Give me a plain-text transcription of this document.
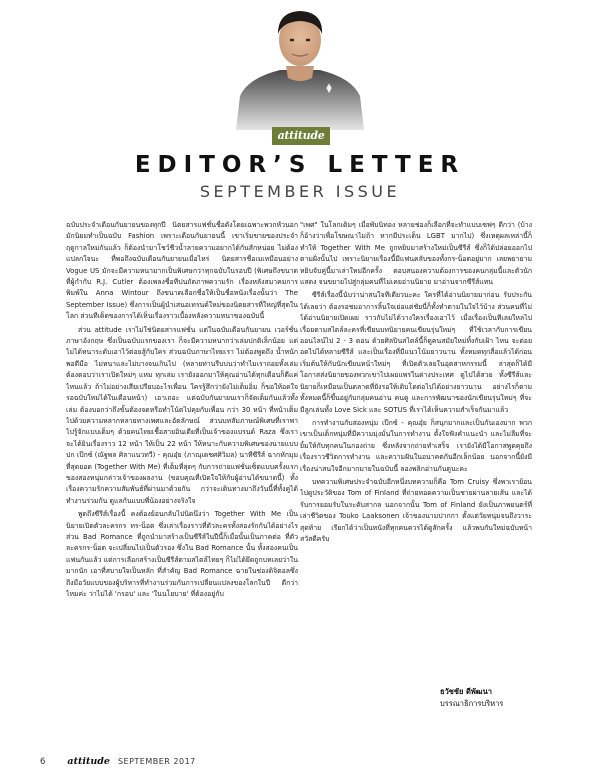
attitude
EDITOR’S LETTER
SEPTEMBER ISSUE

ฉบับประจำเดือนกันยายนของทุกปี นิตยสารแฟชั่นชื่อดังโดยเฉพาะพวกหัวนอก มักนิยมทำเป็นฉบับ Fashion เพราะเดือนกันยายนนี้ เขาเริ่มขายของประจำฤดูกาลใหม่กันแล้ว ก็ต้องนำมาโชว์ชีวน้ำลายความอยากได้กันสักหน่อย ไม่ต้องแปลกใจนะ ที่พอถึงฉบับเดือนกันยายนเมื่อไหร่ นิตยสารชื่อเมเหมือนอย่าง Vogue US มักจะมีความหนามากเป็นพิเศษกว่าทุกฉบับในรอบปี (พิเศษถึงขนาดที่ผู้กำกับ R.J. Cutler ต้องเพลงชื่อทีปนถัตภาพความรัก เรื่องหลังสมาคมการพิมพ์ใน Anna Wintour ถึงขนาดเลือกชื่อให้เป็นชื่อหนังเรื่องนั้นว่า The September Issue) ซึ่งการเป็นผู้นำเสนอเทรนด์ใหม่ของนิตยสารที่ใหญ่ที่สุดในโลก ส่วนทีเด็ดของการได้เห็นเรื่องราวเบื้องหลังความหนาของฉบับนี้

ส่วน attitude เราไม่ใช่นิตยสารแฟชั่น แต่ในฉบับเดือนกันยายน เวอร์ชั่นภาษาอังกฤษ ซึ่งเป็นฉบับแรกของเรา ก็จะมีความหนากว่าเล่มปกติเล็กน้อย แต่ไม่ได้หนาระดับเอาไว้ต่อยสู้กับใคร ส่วนฉบับภาษาไทยเรา ไม่ต้องพูดถึง น้ำหนักพอดีมือ ไม่หนาและไม่บางจนเกินไป (หลายท่านรีบบ่นว่าทำไมเราถอยทั้งเล่ม ต้องตอบว่าเราเปิดใหม่ๆ แหม ทุกเล่ม เรายังออกมาให้คุณอ่านได้ทุกเดือนก็ดีแค่ไหนแล้ว ถ้าไม่อย่างเสียเปรียบอะไรเพื่อน ใครรู้สึกว่ายังไม่เต็มอิ่ม ก็ขอให้อดใจรอฉบับใหม่ได้ในเดือนหน้า) เอาเถอะ แต่ฉบับกันยายนเราก็จัดเต็มกันแล้วทั้งเล่ม ต้องบอกว่าถึงขั้นต้องจดหรือทำโน้ตไปคุยกับเพื่อน กว่า 30 หน้า ที่หน้าเต็มไปด้วยความหลากหลายทางเพศและอัตลักษณ์ ส่วนบทสัมภาษณ์พิเศษที่เราพาไปรู้จักแบบเต็มๆ ด้วยคนไทยเชื้อสายอินเดียที่เป็นเจ้าของแบรนด์ Raza ซึ่งเราจะได้ยินเรื่องราว 12 หน้า ให้เป็น 22 หน้า ให้หนาะกับความพิเศษของนายแบบปก เป๊กซ์ (ณัฐพล ศิลาแนวทวี) - คุณอุ๋ย (ภาณุเดชศศิวิมล) นาทีซีรีส์ ฉากหักมุมที่สุดยอด (Together With Me) ที่เต็มที่สุดๆ กับการถ่ายแฟชั่นเซ็ตแบบครั้งแรกของสองหนุ่มกล่าวเจ้าของผลงาน (ขอบคุณที่เปิดใจให้กับผู้อ่านได้ขนาดนี้) ทั้งเรื่องความรักความสัมพันธ์ที่ผ่านมาด้วยกัน กว่าจะเดินทางมาถึงวันนี้ที่ทั้งคู่ได้ทำงานร่วมกัน ดูแลกันแบบพี่น้องอย่างจริงใจ

พูดถึงซีรีส์เรื่องนี้ คงต้องย้อนกลับไปนิดนึงว่า Together With Me เป็นนิยายเปิดตัวละครกร ทร-น็อต ซึ่งเล่าเรื่องราวที่ตัวละครทั้งสองรักกันได้อย่างไร ส่วน Bad Romance ที่ถูกนำมาสร้างเป็นซีรีส์ในปีนี้ก็เมื่อนั้นเป็นภาคต่อ ที่ตัวละครกร-น็อต จะเปลี่ยนไปเป็นตัวรอง ซึ่งใน Bad Romance นั้น ทั้งสองคนเป็นแฟนกันแล้ว แต่การเลือกสร้างเป็นซีรีส์ตามสไตล์ไทยๆ ก็ไม่ได้ยึดถูกบทเลยว่าในมากนัก เอาที่สบายใจเป็นหลัก ที่สำคัญ Bad Romance ฉายในช่องดิจิตอลซึ่งถึงมือวัยแบบของผู้บริหารที่ทำงานร่วมกันการเปลี่ยนแปลงของโลกในปี ดีกว่าไหมค่ะ ว่าไม่ได้ 'กรอบ' และ 'ในนโยบาย' ที่ต้องอยู่กับ

"เพศ" ในโลกเดิมๆ เมื่อพับนิทอง หลายช่องก็เลือกที่จะทำแบบเซฟๆ ดีกว่า (บ้างก็อ้างว่าเพื่อโฆษณาไม่ถ้า หากมีประเด็น LGBT มากไป) ซึ่งเหตุผลเหล่านี้ก็ทำให้ Together With Me ถูกหยิบมาสร้างใหม่เป็นซีรีส์ ซึ่งก็ได้ปล่อยออกไปตามฝั่งนั้นไป เพราะนิยายเรื่องนี้มีแฟนคลับของทั้งกร-น็อตอยู่มาก เลยพยายามหยิบจับคู่นี้มาเล่าใหม่อีกครั้ง ตอบสนองความต้องการของคนกลุ่มนี้และตัวนักแสดง จนขยายไปสู่กลุ่มคนที่ไม่เคยอ่านนิยาย มาอ่านจากซีรีส์แทน

ซีรีส์เรื่องนี้นับว่าน่าสนใจทีเดียวนะคะ ใครที่ได้อ่านนิยายมาก่อน รับประกันได้เลยว่า ต้องรอชมอาการลิ้นใจเย่อแต่ชัยนี่ก็ทั้งทำตามในใจไว้บ้าง ส่วนคนที่ไม่ได้อ่านนิยายเปิดเผย ราวกับไม่ได้วางใครเรื่องเอาไว้ เมื่อเรื่องเป็นทีเลยใหลไปเรื่อยตามสไตล์ละครที่เขียนบทนิยายคนเขียนรุ่นใหม่ๆ ที่ใช้เวลากับการเขียนออนไลน์ไป 2 - 3 ตอน ด้วยศิลปินสไตล์นี้ก็ดูคนสมัยใหม่ทิ้งกับเฝ้า ไหน จะต่อยอดไปได้หลายซีรีส์ และเป็นเรื่องที่มีแนวโน้มยาวนาน ทั้งหมดทุกสื่อแล้วได้ก่อนเริ่มต้นให้กับนักเขียนหน้าใหม่ๆ ที่เปิดตัวเลยในอุตสาหกรรมนี้ ล่าสุดก็ได้มีโอกาสส่งนิยายของพวกเขาไปเผยแพร่ในต่างประเทศ ดูไปได้สวย ทั้งซีรีส์และนิยายก็เหมือนเป็นตลาดที่ยังรอให้เติบโตต่อไปได้อย่างยาวนาน อย่างไรก็ตาม ทั้งหมดนี้ก็ขึ้นอยู่กับกลุ่มคนอ่าน คนดู และการพัฒนาของนักเขียนรุ่นใหม่ๆ ที่จะมีลูกเล่นทั้ง Love Sick และ SOTUS ที่เราได้เห็นความสำเร็จกันมาแล้ว

การทำงานกับสองหนุ่ม เป๊กซ์ - คุณอุ๋ย ก็สนุกมากและเป็นกันเองมาก พวกเขาเป็นเด็กหนุ่มที่มีความมุ่งมั่นในการทำงาน ตั้งใจฟังคำแนะนำ และไม่ลืมที่จะยิ้มให้กับทุกคนในกองถ่าย ซึ่งหลังจากถ่ายทำเสร็จ เรายังได้มีโอกาสพูดคุยถึงเรื่องราวชีวิตการทำงาน และความฝันในอนาคตกันอีกเล็กน้อย นอกจากนี้ยังมีเรื่องน่าสนใจอีกมากมายในฉบับนี้ ลองพลิกอ่านกันดูนะคะ

บทความพิเศษประจำฉบับอีกหนึ่งบทความก็คือ Tom Cruisy ซึ่งพาเราย้อนไปดูประวัติของ Tom of Finland ที่ถ่ายทอดความเป็นชายผ่านลายเส้น และได้รับการยอมรับในระดับสากล นอกจากนั้น Tom of Finland ยังเป็นภาพยนตร์ที่เล่าชีวิตของ Touko Laaksonen เจ้าของนามปากกา ตั้งแต่วัยหนุ่มจนถึงวาระสุดท้าย เรียกได้ว่าเป็นหนังที่ทุกคนควรได้ดูสักครั้ง แล้วพบกันใหม่ฉบับหน้า สวัสดีครับ

ธวัชชัย ดีพัฒนา
บรรณาธิการบริหาร
6 attitude SEPTEMBER 2017
